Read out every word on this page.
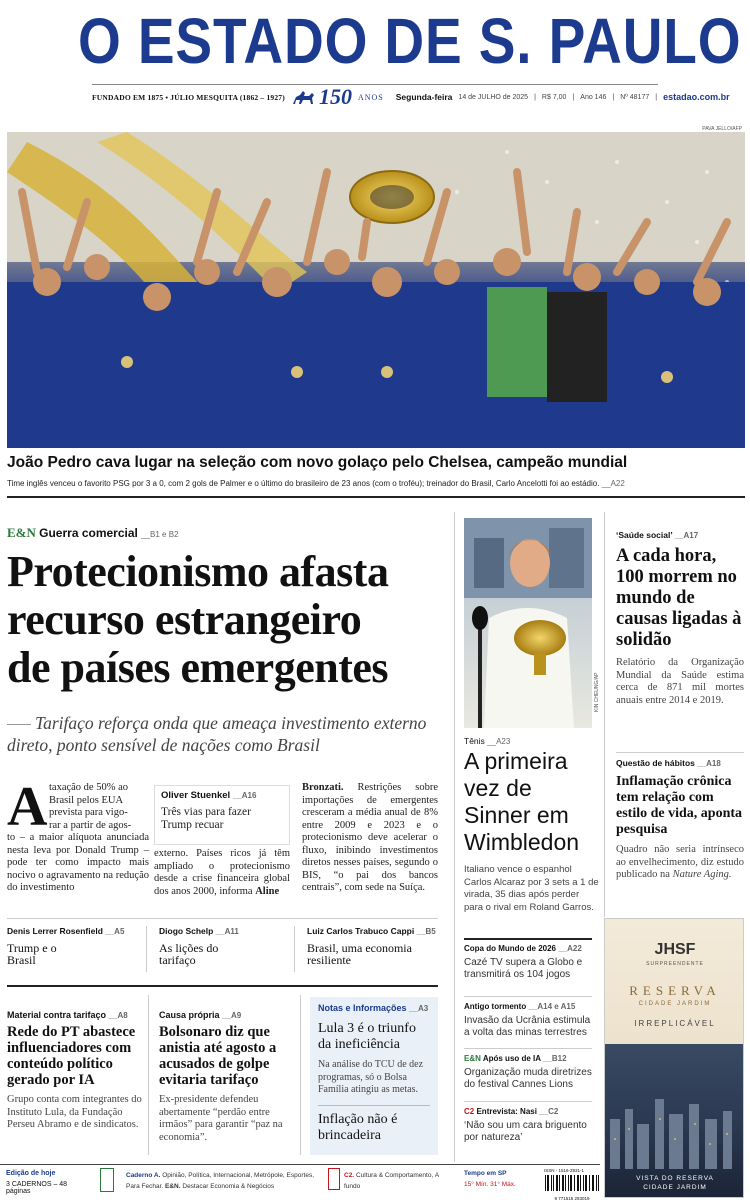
O ESTADO DE S. PAULO
FUNDADO EM 1875 • JÚLIO MESQUITA (1862 – 1927) 150 ANOS Segunda-feira 14 de JULHO de 2025 | R$ 7,00 | Ano 146 | Nº 48177 | estadao.com.br
PAVA JELLO/AFP
João Pedro cava lugar na seleção com novo golaço pelo Chelsea, campeão mundial
Time inglês venceu o favorito PSG por 3 a 0, com 2 gols de Palmer e o último do brasileiro de 23 anos (com o troféu); treinador do Brasil, Carlo Ancelotti foi ao estádio. __A22
E&N Guerra comercial __B1 e B2
Protecionismo afasta
recurso estrangeiro
de países emergentes
Tarifaço reforça onda que ameaça investimento externo direto, ponto sensível de nações como Brasil
A taxação de 50% ao
Brasil pelos EUA
prevista para vigo-
rar a partir de agos-
to – a maior alíquota anunciada nesta leva por Donald Trump – pode ter como impacto mais nocivo o agravamento na redução do investimento
Oliver Stuenkel __A16
Três vias para fazer Trump recuar
externo. Países ricos já têm ampliado o protecionismo desde a crise financeira global dos anos 2000, informa Aline
Bronzati. Restrições sobre importações de emergentes cresceram a média anual de 8% entre 2009 e 2023 e o protecionismo deve acelerar o fluxo, inibindo investimentos diretos nesses países, segundo o BIS, “o pai dos bancos centrais”, com sede na Suíça.
Denis Lerrer Rosenfield __A5
Trump e o Brasil
Diogo Schelp __A11
As lições do tarifaço
Luiz Carlos Trabuco Cappi __B5
Brasil, uma economia resiliente
Material contra tarifaço __A8
Rede do PT abastece influenciadores com conteúdo político gerado por IA
Grupo conta com integrantes do Instituto Lula, da Fundação Perseu Abramo e de sindicatos.
Causa própria __A9
Bolsonaro diz que anistia até agosto a acusados de golpe evitaria tarifaço
Ex-presidente defendeu abertamente “perdão entre irmãos” para garantir “paz na economia”.
Notas e Informações __A3
Lula 3 é o triunfo da ineficiência
Na análise do TCU de dez programas, só o Bolsa Família atingiu as metas.
Inflação não é brincadeira
KIN CHEUNG/AP
Tênis __A23
A primeira vez de Sinner em Wimbledon
Italiano vence o espanhol Carlos Alcaraz por 3 sets a 1 de virada, 35 dias após perder para o rival em Roland Garros.
Copa do Mundo de 2026 __A22
Cazé TV supera a Globo e transmitirá os 104 jogos
Antigo tormento __A14 e A15
Invasão da Ucrânia estimula a volta das minas terrestres
E&N Após uso de IA __B12
Organização muda diretrizes do festival Cannes Lions
C2 Entrevista: Nasi __C2
‘Não sou um cara briguento por natureza’
‘Saúde social’ __A17
A cada hora, 100 morrem no mundo de causas ligadas à solidão
Relatório da Organização Mundial da Saúde estima cerca de 871 mil mortes anuais entre 2014 e 2019.
Questão de hábitos __A18
Inflamação crônica tem relação com estilo de vida, aponta pesquisa
Quadro não seria intrínseco ao envelhecimento, diz estudo publicado na Nature Aging.
JHSF
SURPREENDENTE
RESERVA
CIDADE JARDIM
IRREPLICÁVEL
VISTA DO RESERVA
CIDADE JARDIM
Edição de hoje
3 CADERNOS – 48 páginas
Caderno A. Opinião, Política, Internacional, Metrópole, Esportes, Para Fechar. E&N. Destacar Economia & Negócios
C2. Cultura & Comportamento, A fundo
Tempo em SP
15° Mín. 31° Máx.
ISSN - 1516-2931-1
9 771516 293019
